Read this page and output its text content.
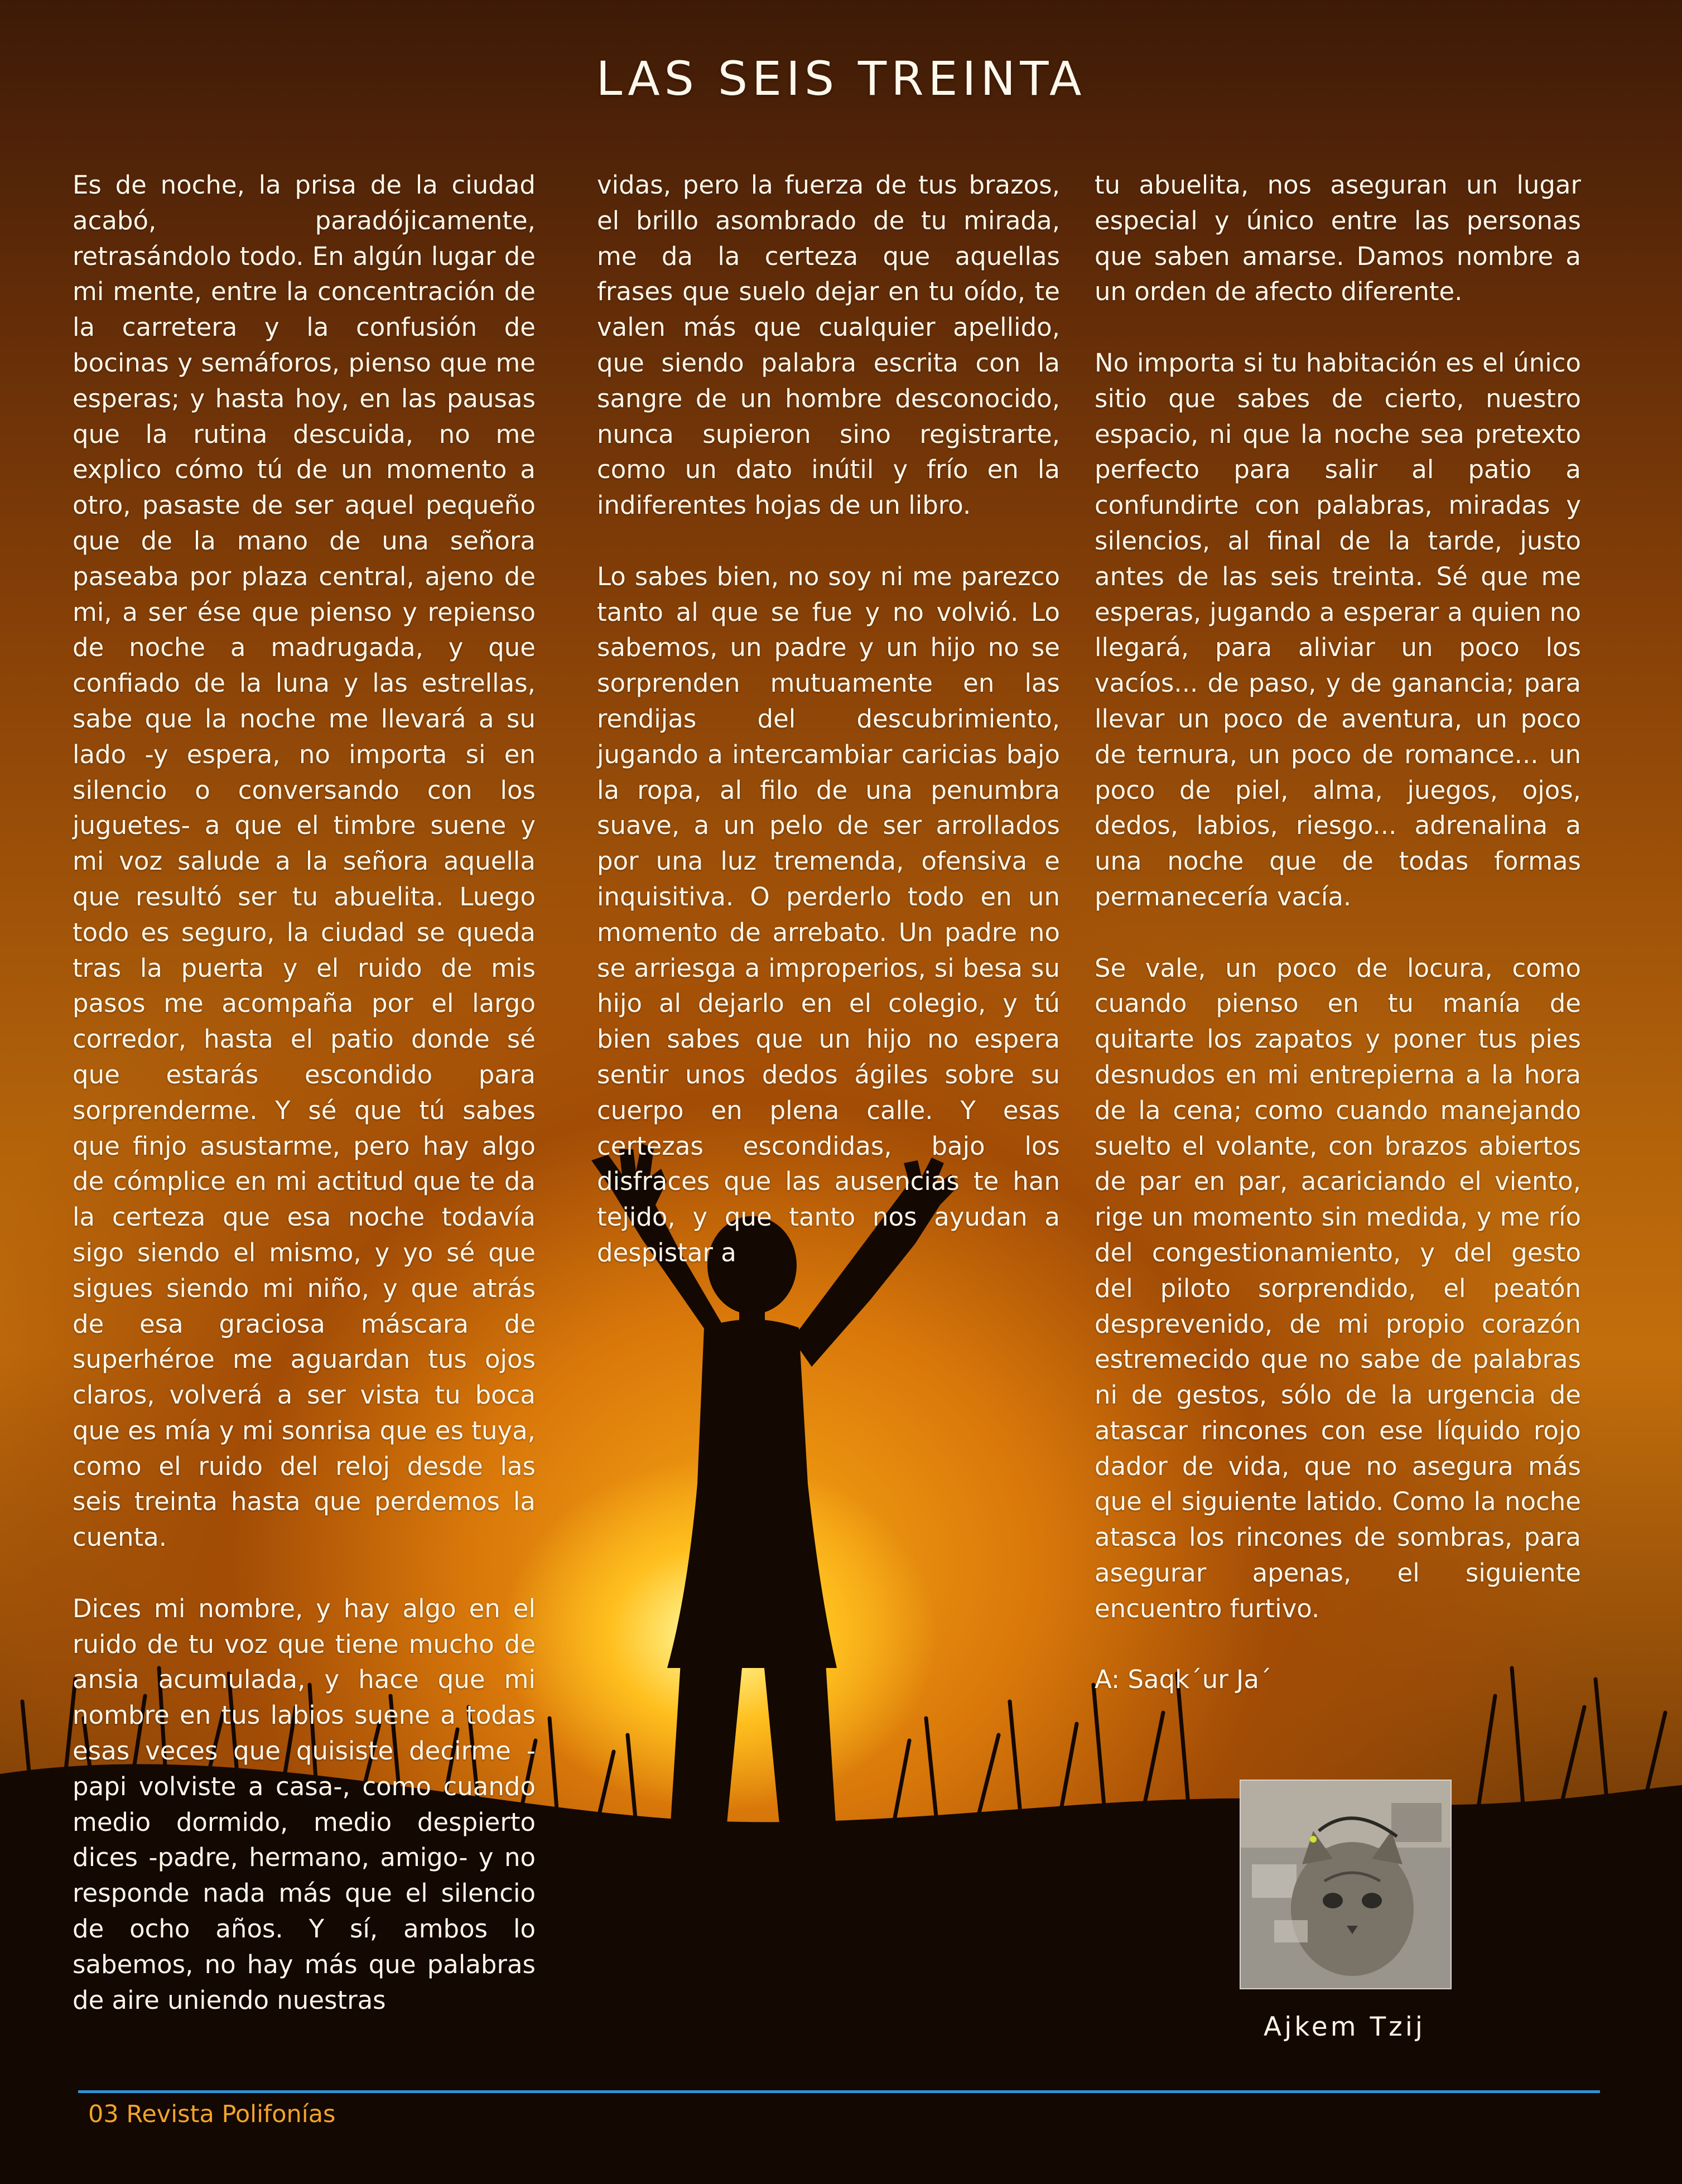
LAS SEIS TREINTA

Es de noche, la prisa de la ciudad acabó, paradójicamente, retrasándolo todo. En algún lugar de mi mente, entre la concentración de la carretera y la confusión de bocinas y semáforos, pienso que me esperas; y hasta hoy, en las pausas que la rutina descuida, no me explico cómo tú de un momento a otro, pasaste de ser aquel pequeño que de la mano de una señora paseaba por plaza central, ajeno de mi, a ser ése que pienso y repienso de noche a madrugada, y que confiado de la luna y las estrellas, sabe que la noche me llevará a su lado -y espera, no importa si en silencio o conversando con los juguetes- a que el timbre suene y mi voz salude a la señora aquella que resultó ser tu abuelita. Luego todo es seguro, la ciudad se queda tras la puerta y el ruido de mis pasos me acompaña por el largo corredor, hasta el patio donde sé que estarás escondido para sorprenderme. Y sé que tú sabes que finjo asustarme, pero hay algo de cómplice en mi actitud que te da la certeza que esa noche todavía sigo siendo el mismo, y yo sé que sigues siendo mi niño, y que atrás de esa graciosa máscara de superhéroe me aguardan tus ojos claros, volverá a ser vista tu boca que es mía y mi sonrisa que es tuya, como el ruido del reloj desde las seis treinta hasta que perdemos la cuenta.

Dices mi nombre, y hay algo en el ruido de tu voz que tiene mucho de ansia acumulada, y hace que mi nombre en tus labios suene a todas esas veces que quisiste decirme -papi volviste a casa-, como cuando medio dormido, medio despierto dices -padre, hermano, amigo- y no responde nada más que el silencio de ocho años. Y sí, ambos lo sabemos, no hay más que palabras de aire uniendo nuestras

vidas, pero la fuerza de tus brazos, el brillo asombrado de tu mirada, me da la certeza que aquellas frases que suelo dejar en tu oído, te valen más que cualquier apellido, que siendo palabra escrita con la sangre de un hombre desconocido, nunca supieron sino registrarte, como un dato inútil y frío en la indiferentes hojas de un libro.

Lo sabes bien, no soy ni me parezco tanto al que se fue y no volvió. Lo sabemos, un padre y un hijo no se sorprenden mutuamente en las rendijas del descubrimiento, jugando a intercambiar caricias bajo la ropa, al filo de una penumbra suave, a un pelo de ser arrollados por una luz tremenda, ofensiva e inquisitiva. O perderlo todo en un momento de arrebato. Un padre no se arriesga a improperios, si besa su hijo al dejarlo en el colegio, y tú bien sabes que un hijo no espera sentir unos dedos ágiles sobre su cuerpo en plena calle. Y esas certezas escondidas, bajo los disfraces que las ausencias te han tejido, y que tanto nos ayudan a despistar a

tu abuelita, nos aseguran un lugar especial y único entre las personas que saben amarse. Damos nombre a un orden de afecto diferente.

No importa si tu habitación es el único sitio que sabes de cierto, nuestro espacio, ni que la noche sea pretexto perfecto para salir al patio a confundirte con palabras, miradas y silencios, al final de la tarde, justo antes de las seis treinta. Sé que me esperas, jugando a esperar a quien no llegará, para aliviar un poco los vacíos... de paso, y de ganancia; para llevar un poco de aventura, un poco de ternura, un poco de romance... un poco de piel, alma, juegos, ojos, dedos, labios, riesgo... adrenalina a una noche que de todas formas permanecería vacía.

Se vale, un poco de locura, como cuando pienso en tu manía de quitarte los zapatos y poner tus pies desnudos en mi entrepierna a la hora de la cena; como cuando manejando suelto el volante, con brazos abiertos de par en par, acariciando el viento, rige un momento sin medida, y me río del congestionamiento, y del gesto del piloto sorprendido, el peatón desprevenido, de mi propio corazón estremecido que no sabe de palabras ni de gestos, sólo de la urgencia de atascar rincones con ese líquido rojo dador de vida, que no asegura más que el siguiente latido. Como la noche atasca los rincones de sombras, para asegurar apenas, el siguiente encuentro furtivo.

A: Saqk´ur Ja´

Ajkem Tzij
03 Revista Polifonías
